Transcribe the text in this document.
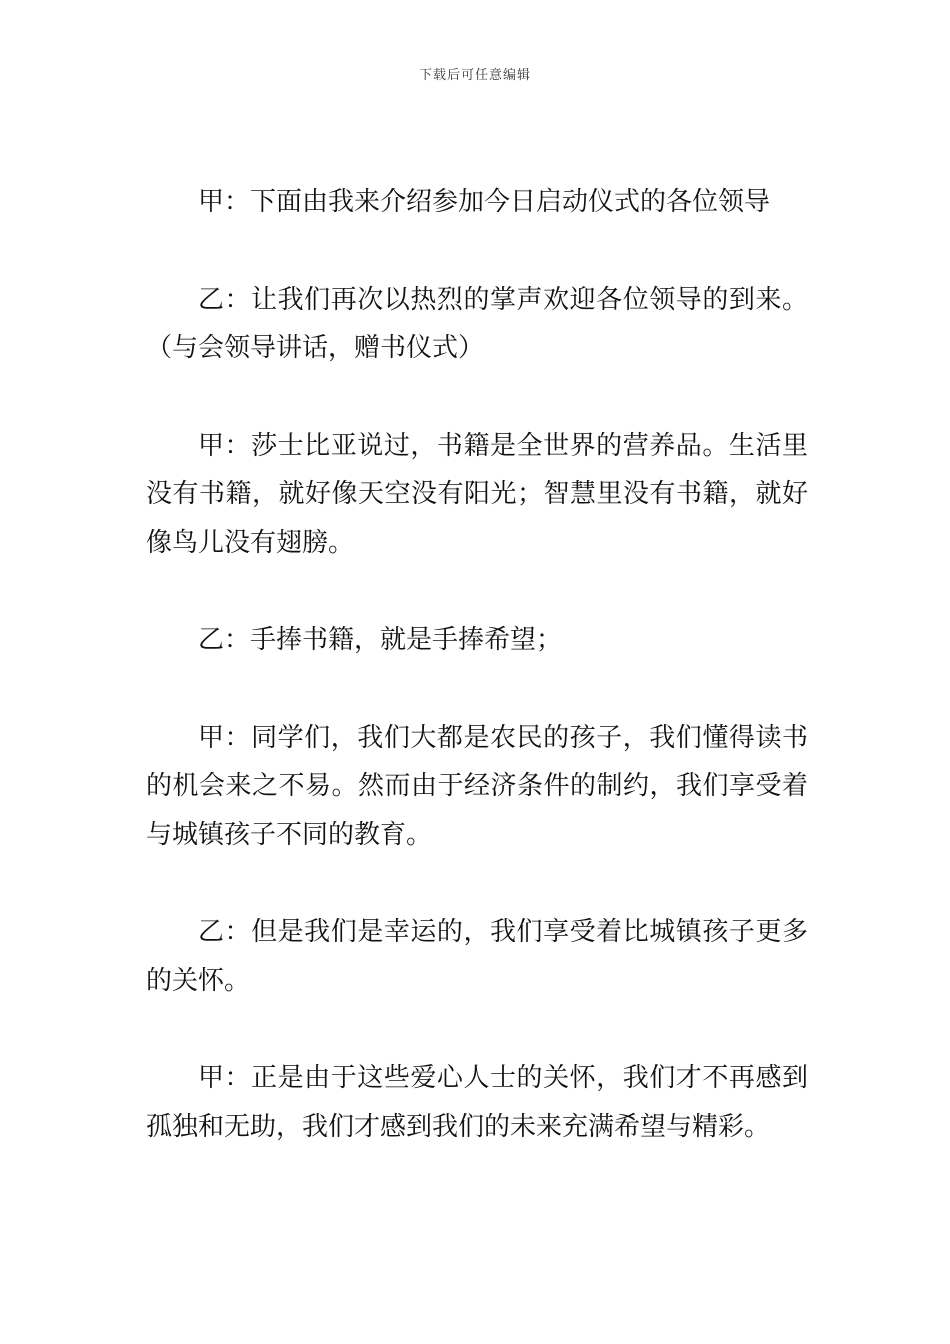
下载后可任意编辑

甲：下面由我来介绍参加今日启动仪式的各位领导

乙：让我们再次以热烈的掌声欢迎各位领导的到来。（与会领导讲话，赠书仪式）

甲：莎士比亚说过，书籍是全世界的营养品。生活里没有书籍，就好像天空没有阳光；智慧里没有书籍，就好像鸟儿没有翅膀。

乙：手捧书籍，就是手捧希望；

甲：同学们，我们大都是农民的孩子，我们懂得读书的机会来之不易。然而由于经济条件的制约，我们享受着与城镇孩子不同的教育。

乙：但是我们是幸运的，我们享受着比城镇孩子更多的关怀。

甲：正是由于这些爱心人士的关怀，我们才不再感到孤独和无助，我们才感到我们的未来充满希望与精彩。
